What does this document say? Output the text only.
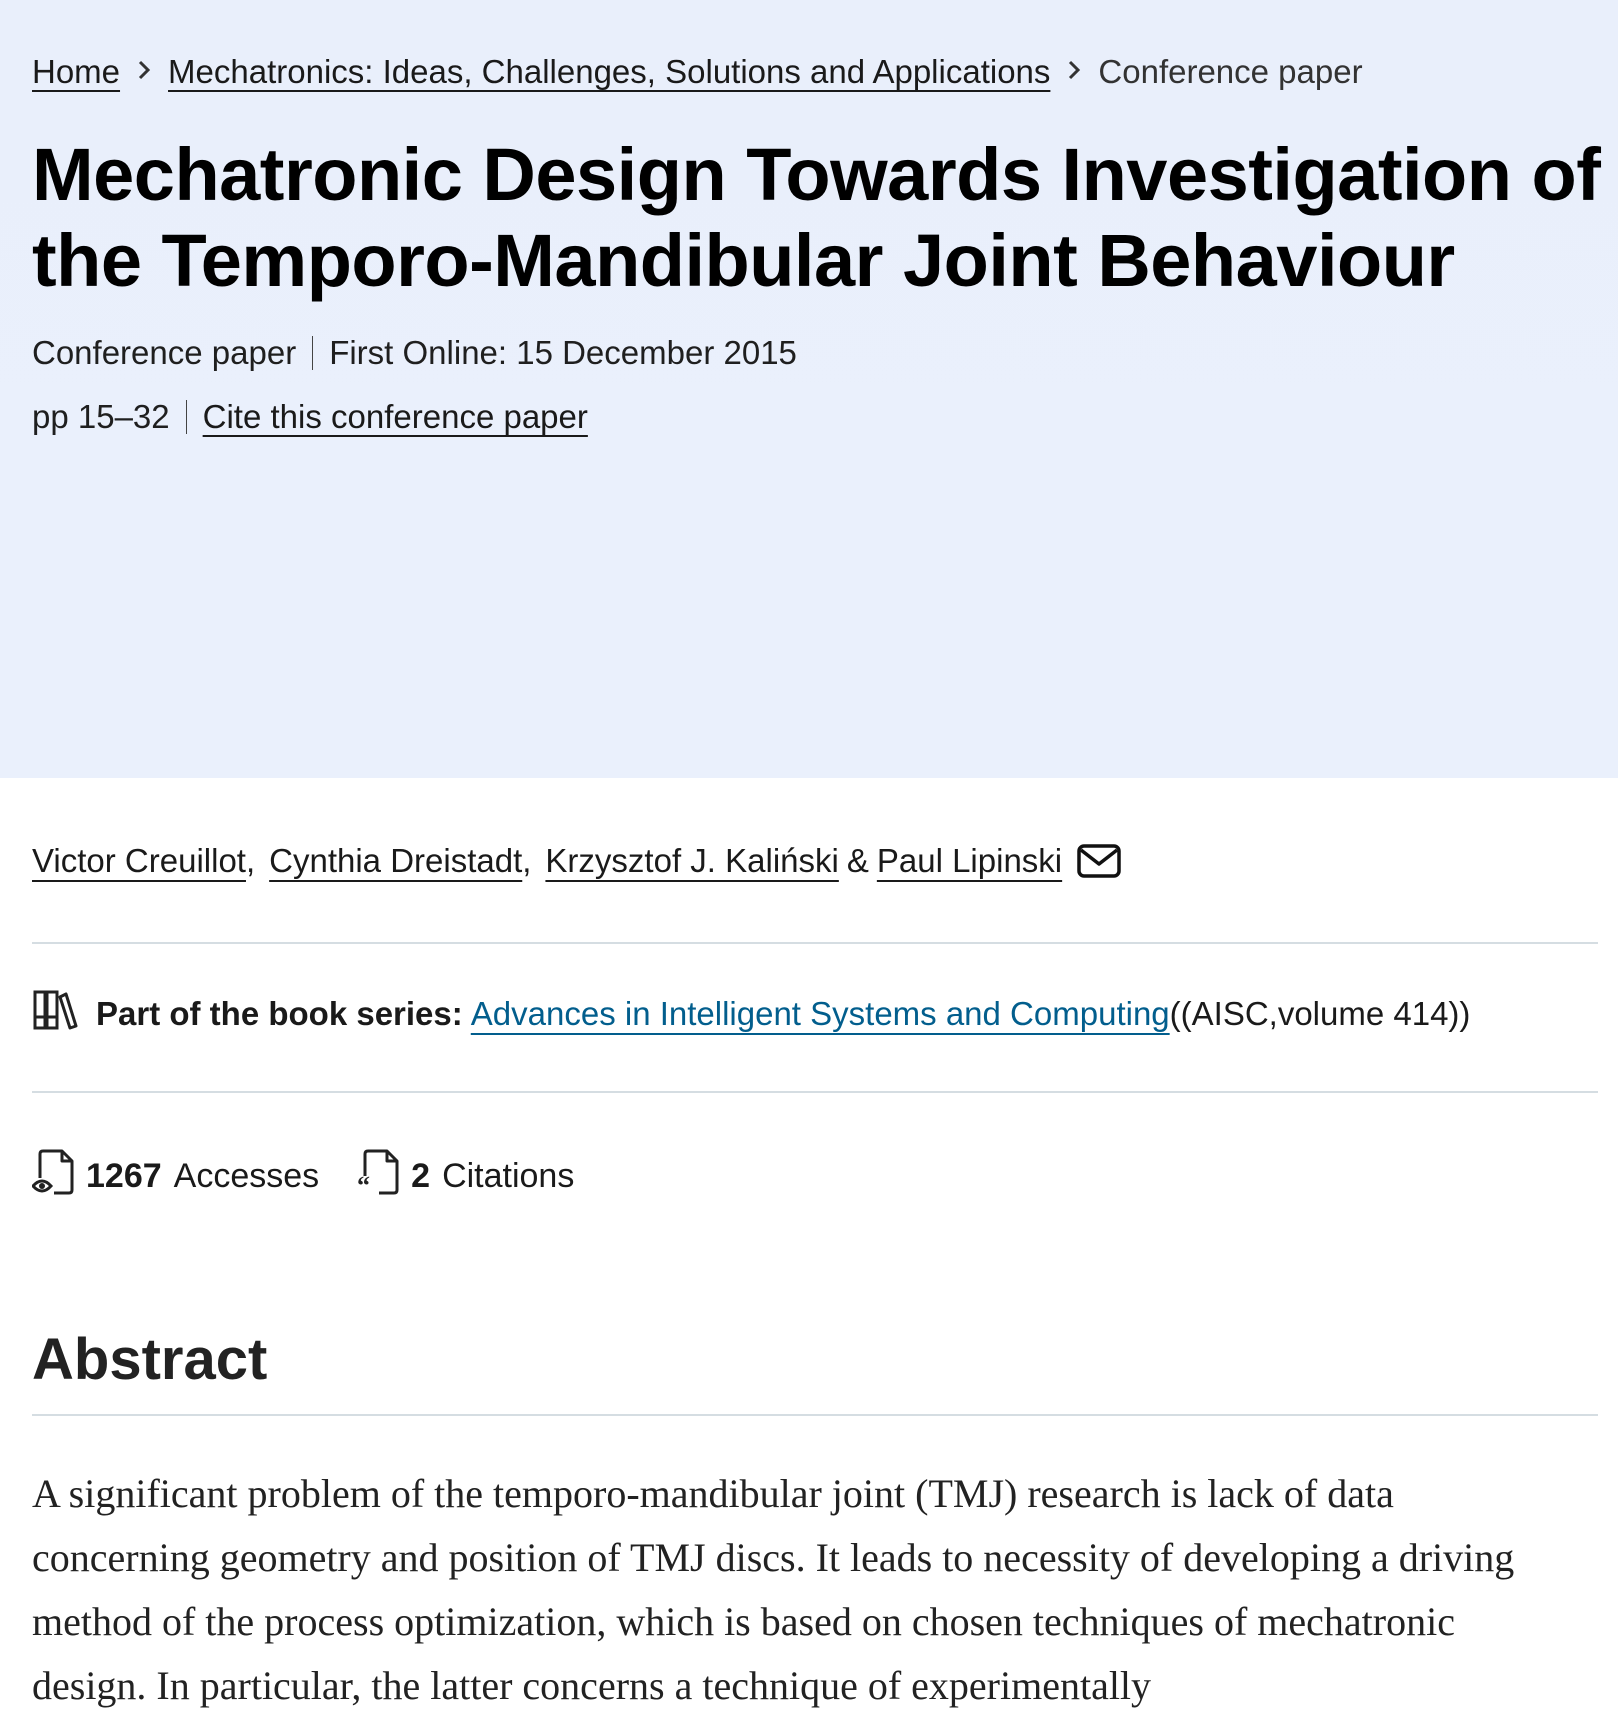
Home Mechatronics: Ideas, Challenges, Solutions and Applications Conference paper
Mechatronic Design Towards Investigation of the Temporo-Mandibular Joint Behaviour
Conference paper First Online: 15 December 2015
pp 15–32 Cite this conference paper
Victor Creuillot , Cynthia Dreistadt , Krzysztof J. Kaliński & Paul Lipinski
Part of the book series: Advances in Intelligent Systems and Computing ((AISC,volume 414))
1267 Accesses “ 2 Citations
Abstract

A significant problem of the temporo-mandibular joint (TMJ) research is lack of data concerning geometry and position of TMJ discs. It leads to necessity of developing a driving method of the process optimization, which is based on chosen techniques of mechatronic design. In particular, the latter concerns a technique of experimentally
